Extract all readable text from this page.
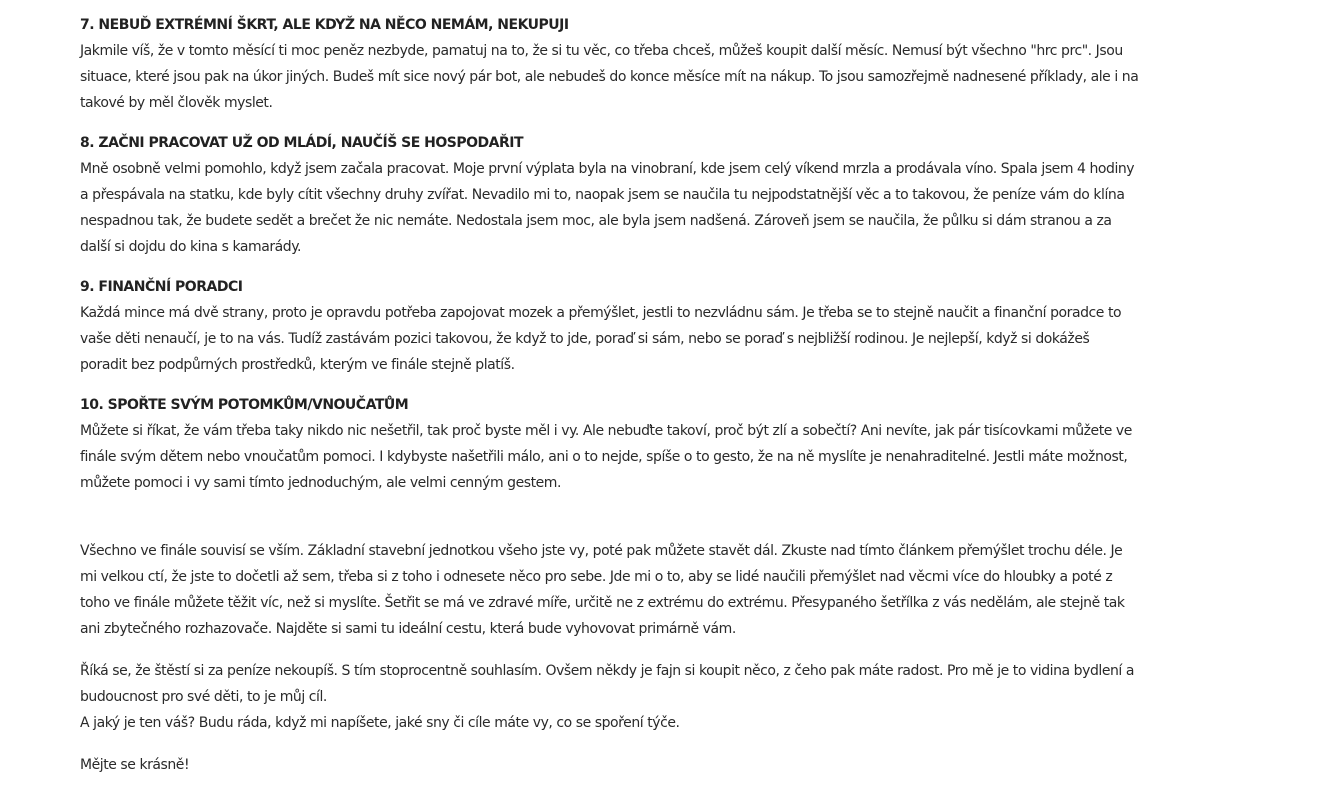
7. NEBUĎ EXTRÉMNÍ ŠKRT, ALE KDYŽ NA NĚCO NEMÁM, NEKUPUJI

Jakmile víš, že v tomto měsící ti moc peněz nezbyde, pamatuj na to, že si tu věc, co třeba chceš, můžeš koupit další měsíc. Nemusí být všechno "hrc prc". Jsou situace, které jsou pak na úkor jiných. Budeš mít sice nový pár bot, ale nebudeš do konce měsíce mít na nákup. To jsou samozřejmě nadnesené příklady, ale i na takové by měl člověk myslet.

8. ZAČNI PRACOVAT UŽ OD MLÁDÍ, NAUČÍŠ SE HOSPODAŘIT

Mně osobně velmi pomohlo, když jsem začala pracovat. Moje první výplata byla na vinobraní, kde jsem celý víkend mrzla a prodávala víno. Spala jsem 4 hodiny a přespávala na statku, kde byly cítit všechny druhy zvířat. Nevadilo mi to, naopak jsem se naučila tu nejpodstatnější věc a to takovou, že peníze vám do klína nespadnou tak, že budete sedět a brečet že nic nemáte. Nedostala jsem moc, ale byla jsem nadšená. Zároveň jsem se naučila, že půlku si dám stranou a za další si dojdu do kina s kamarády.

9. FINANČNÍ PORADCI

Každá mince má dvě strany, proto je opravdu potřeba zapojovat mozek a přemýšlet, jestli to nezvládnu sám. Je třeba se to stejně naučit a finanční poradce to vaše děti nenaučí, je to na vás. Tudíž zastávám pozici takovou, že když to jde, poraď si sám, nebo se poraď s nejbližší rodinou. Je nejlepší, když si dokážeš poradit bez podpůrných prostředků, kterým ve finále stejně platíš.

10. SPOŘTE SVÝM POTOMKŮM/VNOUČATŮM

Můžete si říkat, že vám třeba taky nikdo nic nešetřil, tak proč byste měl i vy. Ale nebuďte takoví, proč být zlí a sobečtí? Ani nevíte, jak pár tisícovkami můžete ve finále svým dětem nebo vnoučatům pomoci. I kdybyste našetřili málo, ani o to nejde, spíše o to gesto, že na ně myslíte je nenahraditelné. Jestli máte možnost, můžete pomoci i vy sami tímto jednoduchým, ale velmi cenným gestem.

Všechno ve finále souvisí se vším. Základní stavební jednotkou všeho jste vy, poté pak můžete stavět dál. Zkuste nad tímto článkem přemýšlet trochu déle. Je mi velkou ctí, že jste to dočetli až sem, třeba si z toho i odnesete něco pro sebe. Jde mi o to, aby se lidé naučili přemýšlet nad věcmi více do hloubky a poté z toho ve finále můžete těžit víc, než si myslíte. Šetřit se má ve zdravé míře, určitě ne z extrému do extrému. Přesypaného šetřílka z vás nedělám, ale stejně tak ani zbytečného rozhazovače. Najděte si sami tu ideální cestu, která bude vyhovovat primárně vám.

Říká se, že štěstí si za peníze nekoupíš. S tím stoprocentně souhlasím. Ovšem někdy je fajn si koupit něco, z čeho pak máte radost. Pro mě je to vidina bydlení a budoucnost pro své děti, to je můj cíl.

A jaký je ten váš? Budu ráda, když mi napíšete, jaké sny či cíle máte vy, co se spoření týče.

Mějte se krásně!
